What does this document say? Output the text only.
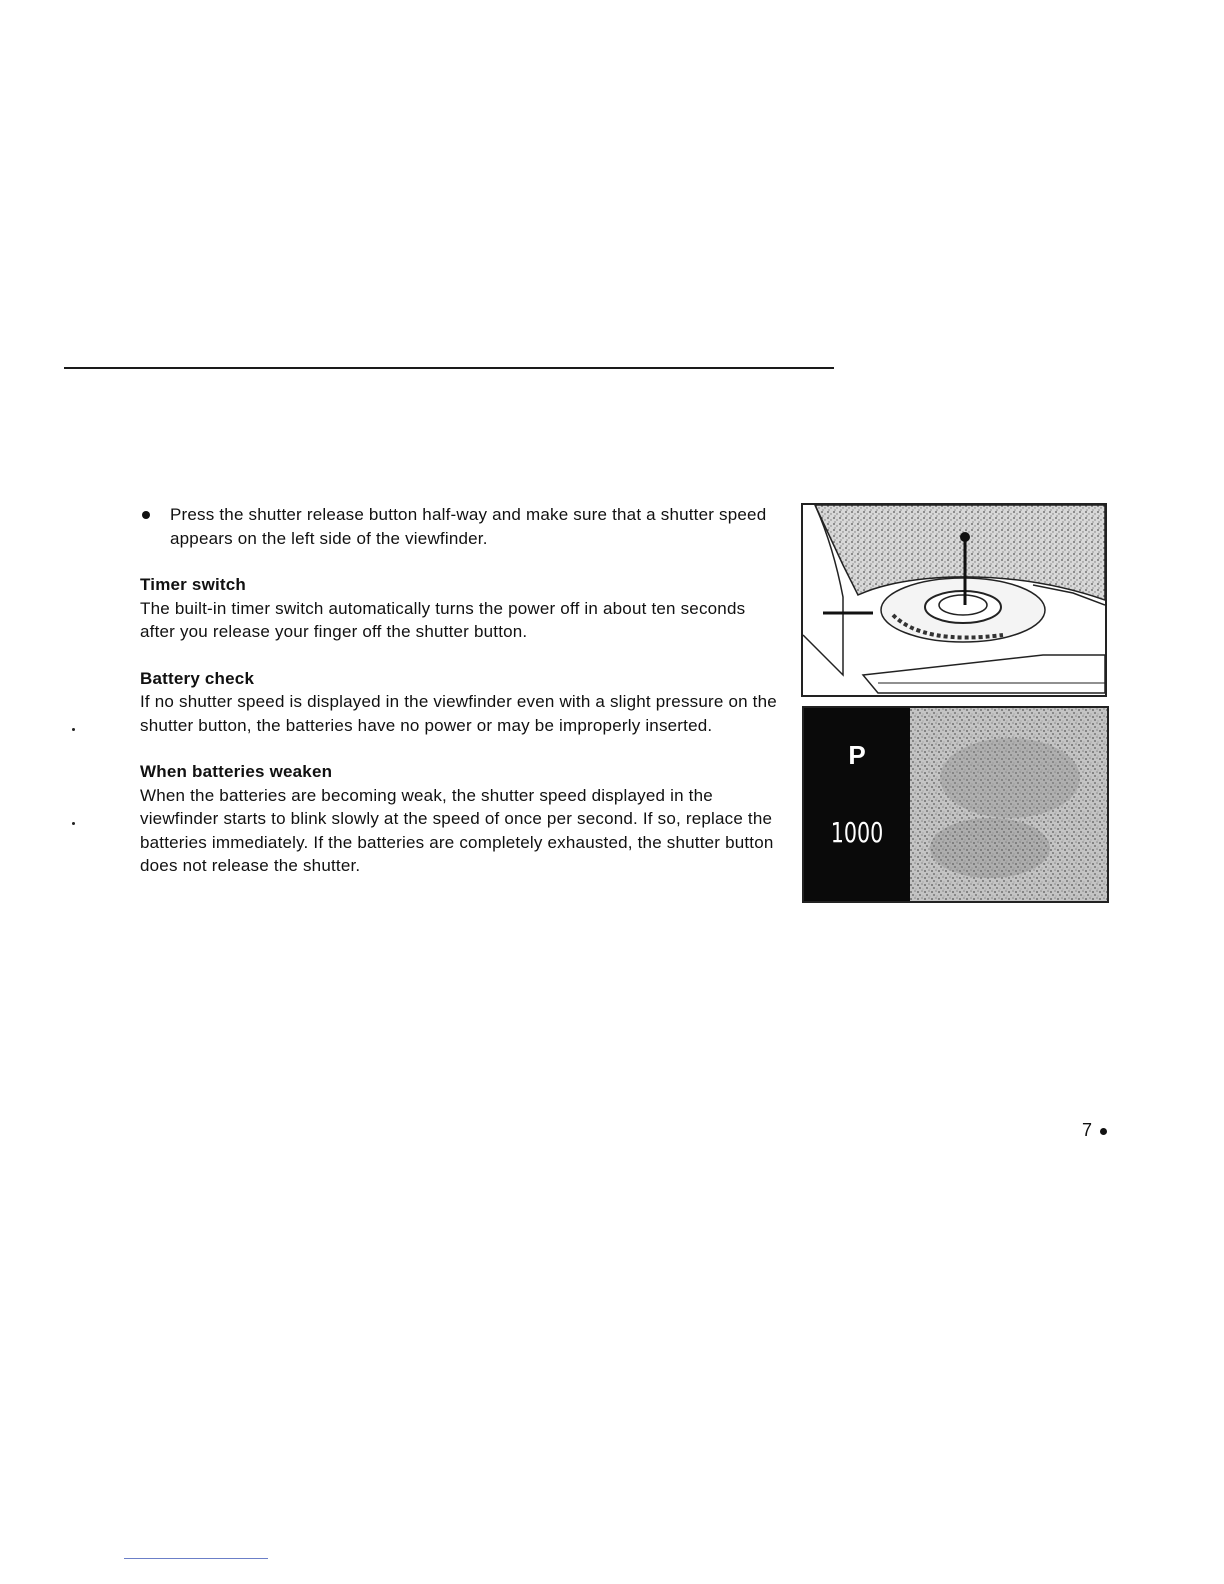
Press the shutter release button half-way and make sure that a shutter speed appears on the left side of the viewfinder.

Timer switch

The built-in timer switch automatically turns the power off in about ten seconds after you release your finger off the shutter button.

Battery check

If no shutter speed is displayed in the viewfinder even with a slight pressure on the shutter button, the batteries have no power or may be improperly inserted.

When batteries weaken

When the batteries are becoming weak, the shutter speed displayed in the viewfinder starts to blink slowly at the speed of once per second. If so, replace the batteries immediately. If the batteries are completely exhausted, the shutter button does not release the shutter.

P
1000
7
